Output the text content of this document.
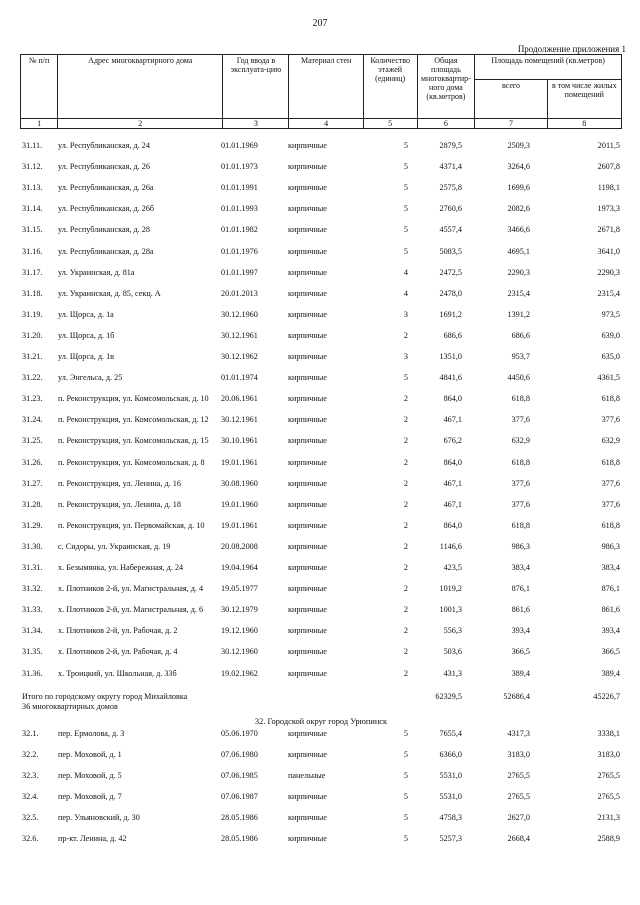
207
Продолжение приложения 1
№ п/п	Адрес многоквартирного дома	Год ввода в эксплуата-цию	Материал стен	Количество этажей (единиц)	Общая площадь многоквартир-ного дома (кв.метров)	Площадь помещений (кв.метров)	
						всего	в том числе жилых помещений
1	2	3	4	5	6	7	8
31.11.	ул. Республиканская, д. 24	01.01.1969	кирпичные	5	2879,5	2509,3	2011,5
31.12.	ул. Республиканская, д. 26	01.01.1973	кирпичные	5	4371,4	3264,6	2607,8
31.13.	ул. Республиканская, д. 26а	01.01.1991	кирпичные	5	2575,8	1699,6	1198,1
31.14.	ул. Республиканская, д. 26б	01.01.1993	кирпичные	5	2760,6	2082,6	1973,3
31.15.	ул. Республиканская, д. 28	01.01.1982	кирпичные	5	4557,4	3466,6	2671,8
31.16.	ул. Республиканская, д. 28а	01.01.1976	кирпичные	5	5083,5	4695,1	3641,0
31.17.	ул. Украинская, д. 81а	01.01.1997	кирпичные	4	2472,5	2290,3	2290,3
31.18.	ул. Украинская, д. 85, секц. А	20.01.2013	кирпичные	4	2478,0	2315,4	2315,4
31.19.	ул. Щорса, д. 1а	30.12.1960	кирпичные	3	1691,2	1391,2	973,5
31.20.	ул. Щорса, д. 1б	30.12.1961	кирпичные	2	686,6	686,6	639,0
31.21.	ул. Щорса, д. 1в	30.12.1962	кирпичные	3	1351,0	953,7	635,0
31.22.	ул. Энгельса, д. 25	01.01.1974	кирпичные	5	4841,6	4450,6	4361,5
31.23.	п. Реконструкция, ул. Комсомольская, д. 10	20.06.1961	кирпичные	2	864,0	618,8	618,8
31.24.	п. Реконструкция, ул. Комсомольская, д. 12	30.12.1961	кирпичные	2	467,1	377,6	377,6
31.25.	п. Реконструкция, ул. Комсомольская, д. 15	30.10.1961	кирпичные	2	676,2	632,9	632,9
31.26.	п. Реконструкция, ул. Комсомольская, д. 8	19.01.1961	кирпичные	2	864,0	618,8	618,8
31.27.	п. Реконструкция, ул. Ленина, д. 16	30.08.1960	кирпичные	2	467,1	377,6	377,6
31.28.	п. Реконструкция, ул. Ленина, д. 18	19.01.1960	кирпичные	2	467,1	377,6	377,6
31.29.	п. Реконструкция, ул. Первомайская, д. 10	19.01.1961	кирпичные	2	864,0	618,8	618,8
31.30.	с. Сидоры, ул. Украинская, д. 19	20.08.2008	кирпичные	2	1146,6	986,3	986,3
31.31.	х. Безымянка, ул. Набережная, д. 24	19.04.1964	кирпичные	2	423,5	383,4	383,4
31.32.	х. Плотников 2-й, ул. Магистральная, д. 4	19.05.1977	кирпичные	2	1019,2	876,1	876,1
31.33.	х. Плотников 2-й, ул. Магистральная, д. 6	30.12.1979	кирпичные	2	1001,3	861,6	861,6
31.34.	х. Плотников 2-й, ул. Рабочая, д. 2	19.12.1960	кирпичные	2	556,3	393,4	393,4
31.35.	х. Плотников 2-й, ул. Рабочая, д. 4	30.12.1960	кирпичные	2	503,6	366,5	366,5
31.36.	х. Троицкий, ул. Школьная, д. 33б	19.02.1962	кирпичные	2	431,3	389,4	389,4
Итого по городскому округу город Михайловка
36 многоквартирных домов
62329,5	52686,4	45226,7
32. Городской округ город Урюпинск
32.1.	пер. Ермолова, д. 3	05.06.1970	кирпичные	5	7655,4	4317,3	3338,1
32.2.	пер. Моховой, д. 1	07.06.1980	кирпичные	5	6366,0	3183,0	3183,0
32.3.	пер. Моховой, д. 5	07.06.1985	панельные	5	5531,0	2765,5	2765,5
32.4.	пер. Моховой, д. 7	07.06.1987	кирпичные	5	5531,0	2765,5	2765,5
32.5.	пер. Ульяновский, д. 30	28.05.1986	кирпичные	5	4758,3	2627,0	2131,3
32.6.	пр-кт. Ленина, д. 42	28.05.1986	кирпичные	5	5257,3	2668,4	2588,9
